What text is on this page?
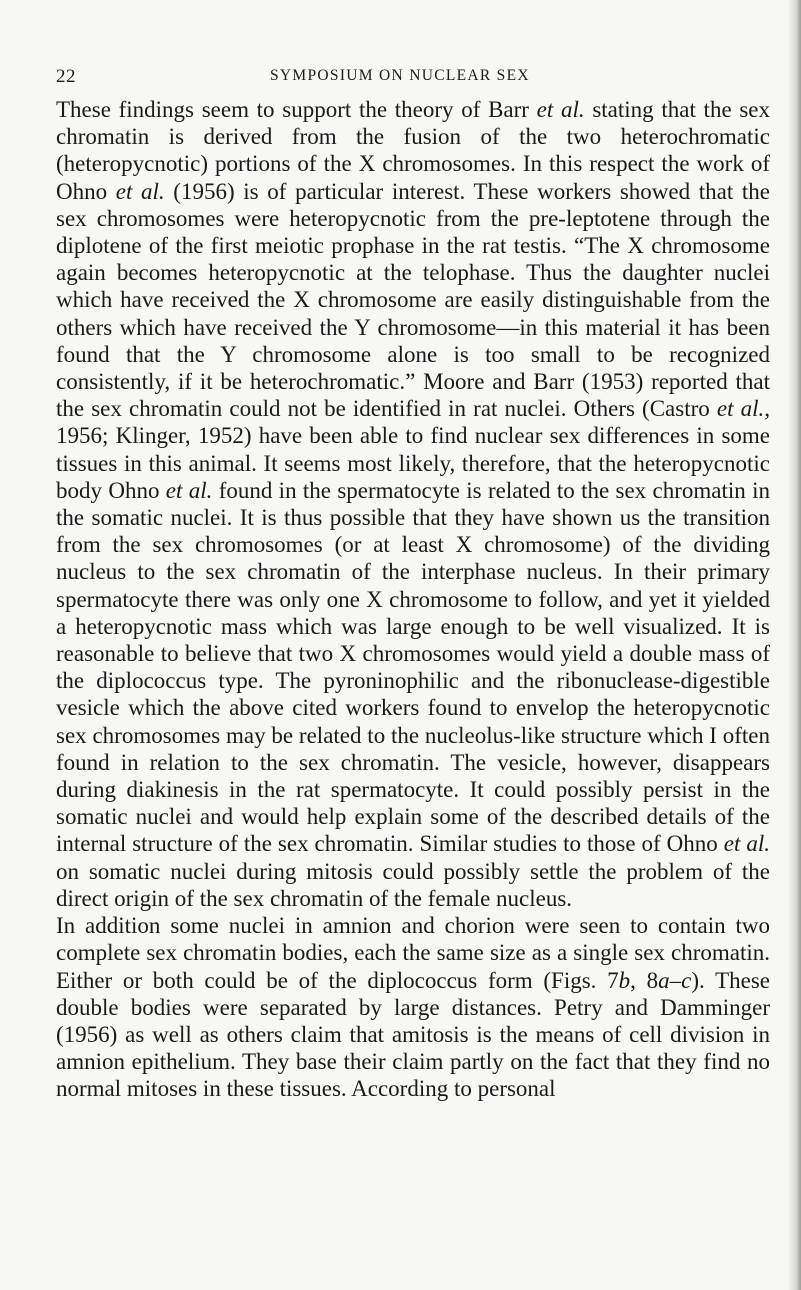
22	SYMPOSIUM ON NUCLEAR SEX

These findings seem to support the theory of Barr et al. stating that the sex chromatin is derived from the fusion of the two heterochromatic (heteropycnotic) portions of the X chromosomes. In this respect the work of Ohno et al. (1956) is of particular interest. These workers showed that the sex chromosomes were heteropycnotic from the pre-leptotene through the diplotene of the first meiotic prophase in the rat testis. “The X chromosome again becomes heteropycnotic at the telophase. Thus the daughter nuclei which have received the X chromosome are easily distinguishable from the others which have received the Y chromosome—in this material it has been found that the Y chromosome alone is too small to be recognized consistently, if it be heterochromatic.” Moore and Barr (1953) reported that the sex chromatin could not be identified in rat nuclei. Others (Castro et al., 1956; Klinger, 1952) have been able to find nuclear sex differences in some tissues in this animal. It seems most likely, therefore, that the heteropycnotic body Ohno et al. found in the spermatocyte is related to the sex chromatin in the somatic nuclei. It is thus possible that they have shown us the transition from the sex chromosomes (or at least X chromosome) of the dividing nucleus to the sex chromatin of the interphase nucleus. In their primary spermatocyte there was only one X chromosome to follow, and yet it yielded a heteropycnotic mass which was large enough to be well visualized. It is reasonable to believe that two X chromosomes would yield a double mass of the diplococcus type. The pyroninophilic and the ribonuclease-digestible vesicle which the above cited workers found to envelop the heteropycnotic sex chromosomes may be related to the nucleolus-like structure which I often found in relation to the sex chromatin. The vesicle, however, disappears during diakinesis in the rat spermatocyte. It could possibly persist in the somatic nuclei and would help explain some of the described details of the internal structure of the sex chromatin. Similar studies to those of Ohno et al. on somatic nuclei during mitosis could possibly settle the problem of the direct origin of the sex chromatin of the female nucleus.

In addition some nuclei in amnion and chorion were seen to contain two complete sex chromatin bodies, each the same size as a single sex chromatin. Either or both could be of the diplococcus form (Figs. 7b, 8a–c). These double bodies were separated by large distances. Petry and Damminger (1956) as well as others claim that amitosis is the means of cell division in amnion epithelium. They base their claim partly on the fact that they find no normal mitoses in these tissues. According to personal
